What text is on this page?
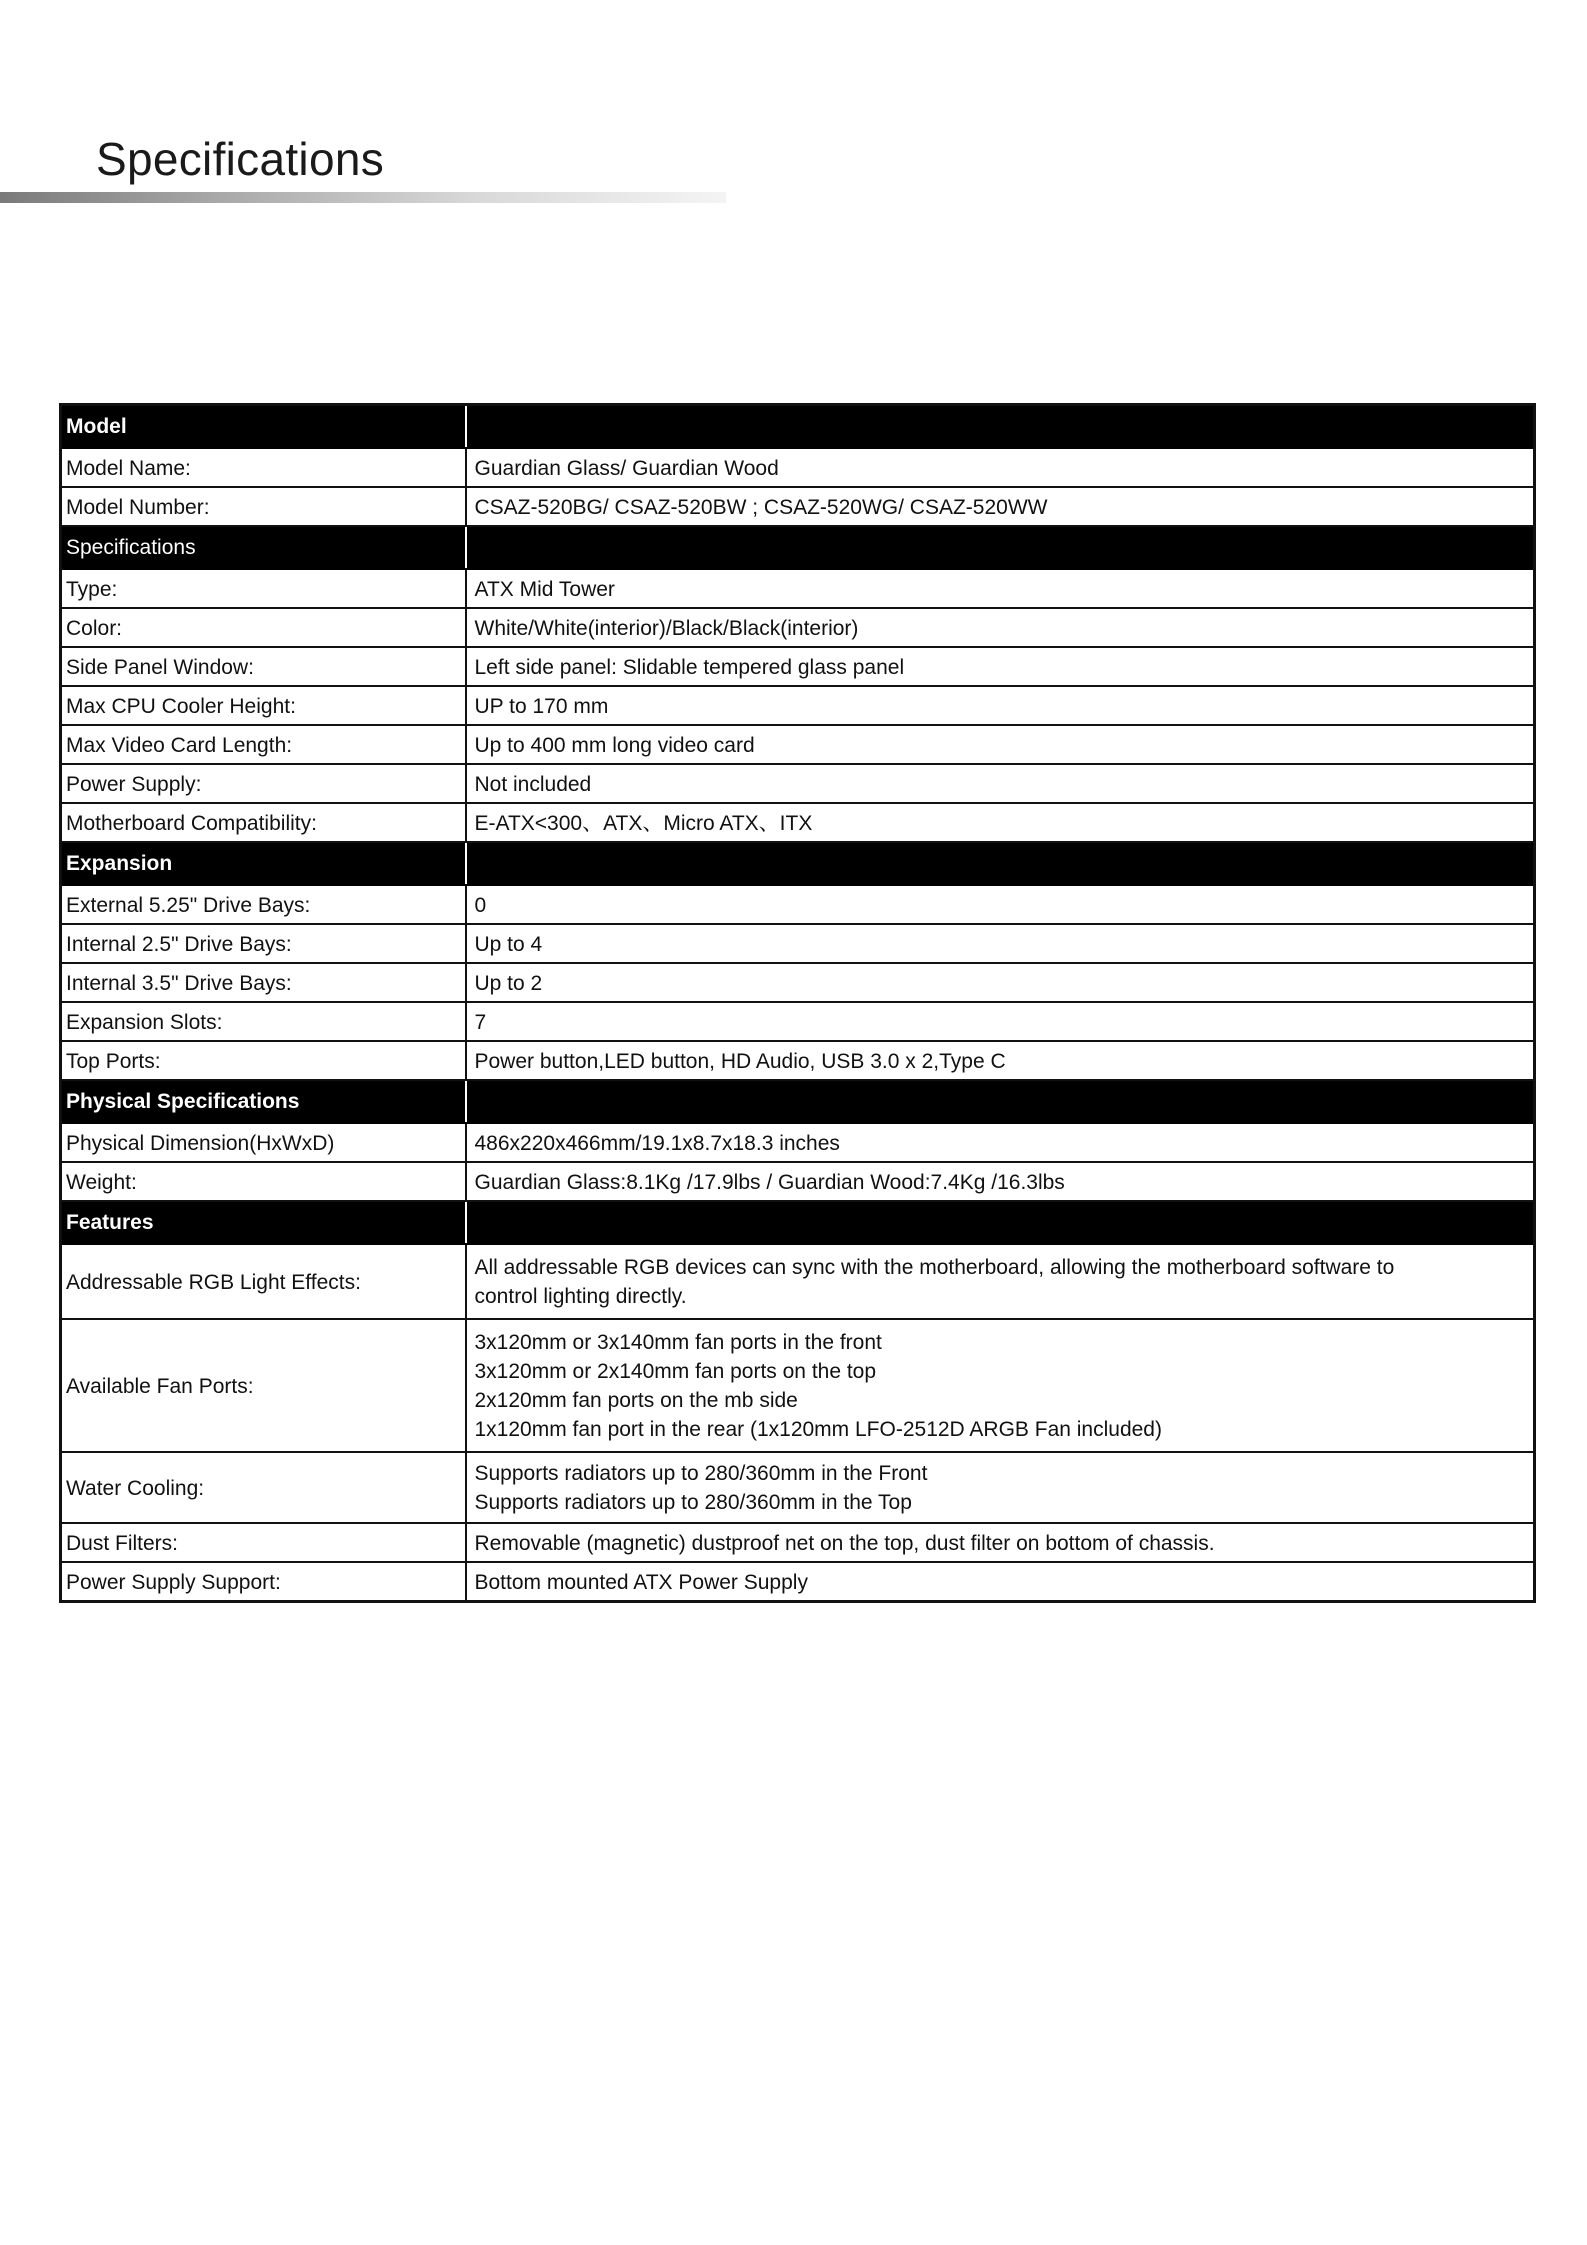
Specifications
Model	
Model Name:	Guardian Glass/ Guardian Wood

Model Number:	CSAZ-520BG/ CSAZ-520BW ; CSAZ-520WG/ CSAZ-520WW

Specifications	
Type:	ATX Mid Tower

Color:	White/White(interior)/Black/Black(interior)

Side Panel Window:	Left side panel: Slidable tempered glass panel

Max CPU Cooler Height:	UP to 170 mm

Max Video Card Length:	Up to 400 mm long video card

Power Supply:	Not included

Motherboard Compatibility:	E-ATX<300、ATX、Micro ATX、ITX

Expansion	
External 5.25" Drive Bays:	0

Internal 2.5" Drive Bays:	Up to 4

Internal 3.5" Drive Bays:	Up to 2

Expansion Slots:	7

Top Ports:	Power button,LED button, HD Audio, USB 3.0 x 2,Type C

Physical Specifications	
Physical Dimension(HxWxD)	486x220x466mm/19.1x8.7x18.3 inches

Weight:	Guardian Glass:8.1Kg /17.9lbs / Guardian Wood:7.4Kg /16.3lbs

Features	
Addressable RGB Light Effects:	All addressable RGB devices can sync with the motherboard, allowing the motherboard software to
control lighting directly.

Available Fan Ports:	3x120mm or 3x140mm fan ports in the front
3x120mm or 2x140mm fan ports on the top
2x120mm fan ports on the mb side
1x120mm fan port in the rear (1x120mm LFO-2512D ARGB Fan included)

Water Cooling:	Supports radiators up to 280/360mm in the Front
Supports radiators up to 280/360mm in the Top

Dust Filters:	Removable (magnetic) dustproof net on the top, dust filter on bottom of chassis.

Power Supply Support:	Bottom mounted ATX Power Supply
